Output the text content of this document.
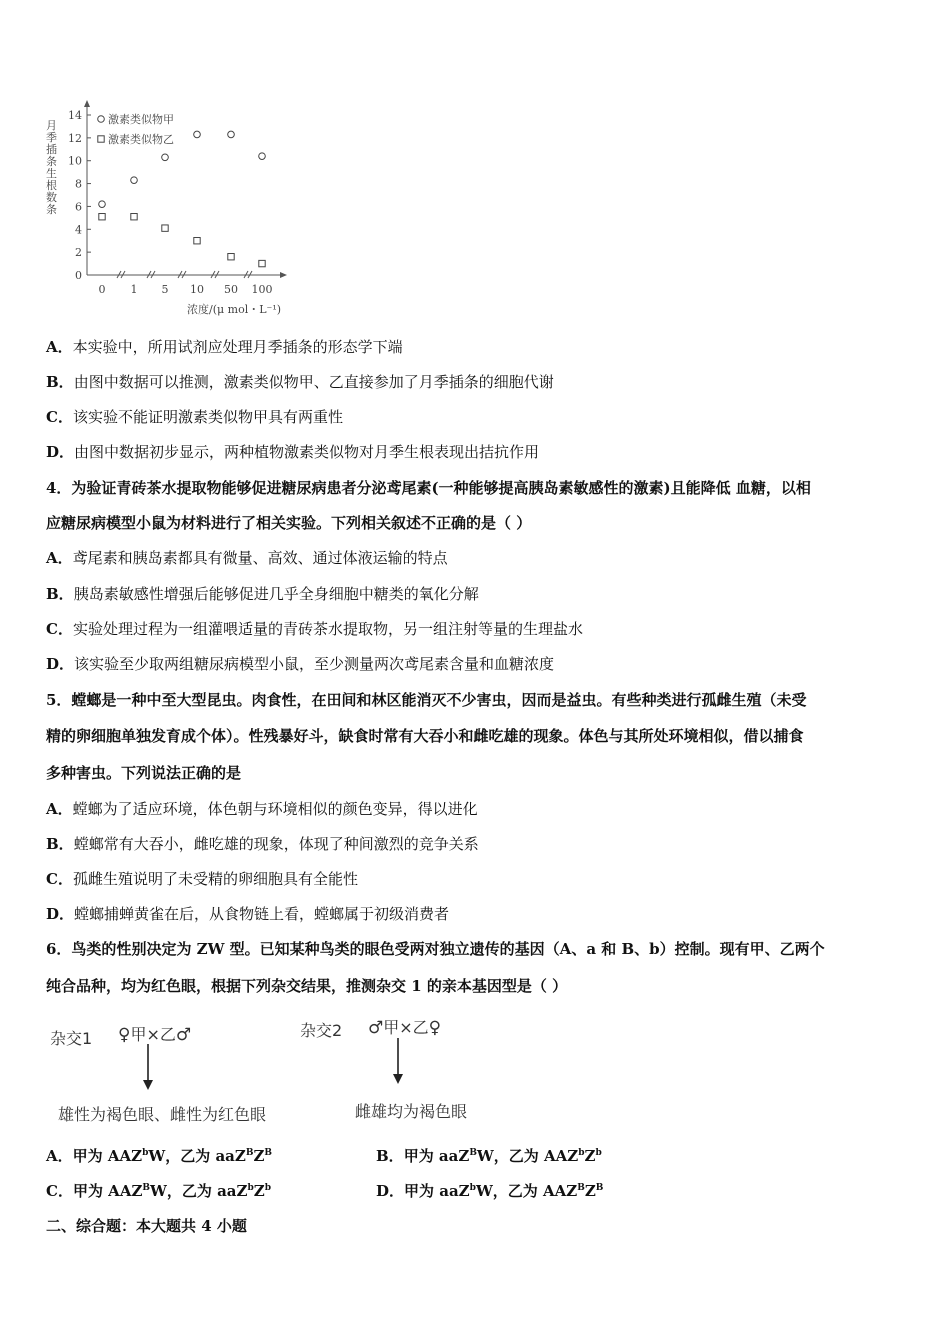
月
季
插
条
生
根
数
条
0
2
4
6
8
10
12
14
0 1 5 10 50 100
激素类似物甲
激素类似物乙
浓度/(μ mol・L⁻¹)
A．本实验中，所用试剂应处理月季插条的形态学下端
B．由图中数据可以推测，激素类似物甲、乙直接参加了月季插条的细胞代谢
C．该实验不能证明激素类似物甲具有两重性
D．由图中数据初步显示，两种植物激素类似物对月季生根表现出拮抗作用
4．为验证青砖茶水提取物能够促进糖尿病患者分泌鸢尾素(一种能够提高胰岛素敏感性的激素)且能降低 血糖，以相
应糖尿病模型小鼠为材料进行了相关实验。下列相关叙述不正确的是（ ）
A．鸢尾素和胰岛素都具有微量、高效、通过体液运输的特点
B．胰岛素敏感性增强后能够促进几乎全身细胞中糖类的氧化分解
C．实验处理过程为一组灌喂适量的青砖茶水提取物，另一组注射等量的生理盐水
D．该实验至少取两组糖尿病模型小鼠，至少测量两次鸢尾素含量和血糖浓度
5．螳螂是一种中至大型昆虫。肉食性，在田间和林区能消灭不少害虫，因而是益虫。有些种类进行孤雌生殖（未受
精的卵细胞单独发育成个体）。性残暴好斗，缺食时常有大吞小和雌吃雄的现象。体色与其所处环境相似，借以捕食
多种害虫。下列说法正确的是
A．螳螂为了适应环境，体色朝与环境相似的颜色变异，得以进化
B．螳螂常有大吞小，雌吃雄的现象，体现了种间激烈的竞争关系
C．孤雌生殖说明了未受精的卵细胞具有全能性
D．螳螂捕蝉黄雀在后，从食物链上看，螳螂属于初级消费者
6．鸟类的性别决定为 ZW 型。已知某种鸟类的眼色受两对独立遗传的基因（A、a 和 B、b）控制。现有甲、乙两个
纯合品种，均为红色眼，根据下列杂交结果，推测杂交 1 的亲本基因型是（ ）
杂交1 ♀甲×乙♂
雄性为褐色眼、雌性为红色眼
杂交2 ♂甲×乙♀
雌雄均为褐色眼
A．甲为 AAZ$^b$W，乙为 $aaZ^BZ^B$	B．甲为 aaZ$^B$W，乙为 $AAZ^bZ^b$
C．甲为 $AAZ^BW$，乙为 $aaZ^bZ^b$	D．甲为 aaZ$^b$W，乙为 $AAZ^BZ^B$
二、综合题：本大题共 4 小题
